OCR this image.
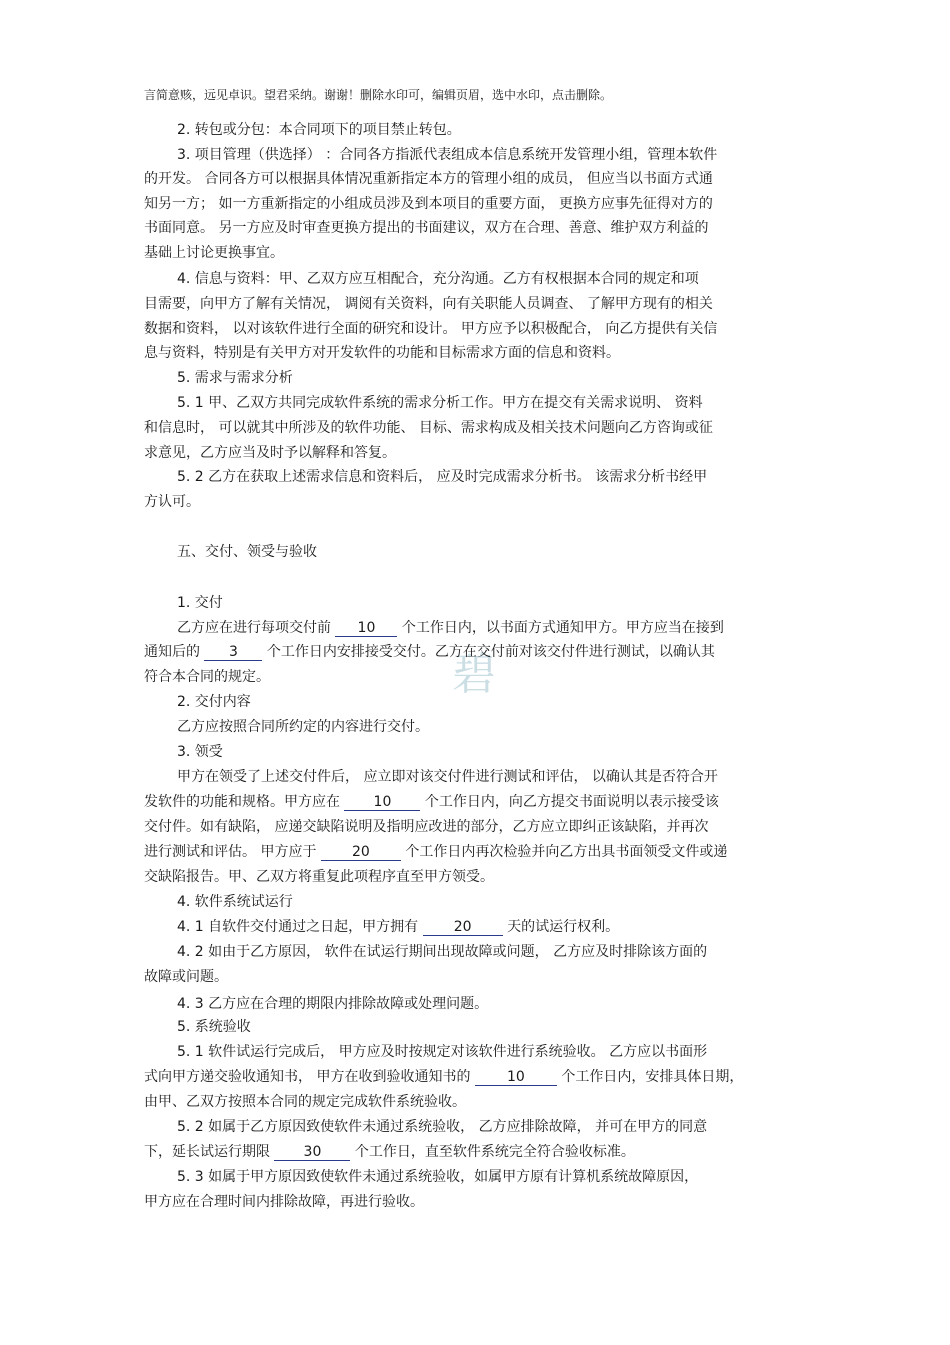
碧
言简意赅，远见卓识。望君采纳。谢谢！删除水印可，编辑页眉，选中水印，点击删除。
2. 转包或分包：本合同项下的项目禁止转包。
3. 项目管理（供选择） ：合同各方指派代表组成本信息系统开发管理小组，管理本软件
的开发。 合同各方可以根据具体情况重新指定本方的管理小组的成员， 但应当以书面方式通
知另一方； 如一方重新指定的小组成员涉及到本项目的重要方面， 更换方应事先征得对方的
书面同意。 另一方应及时审查更换方提出的书面建议，双方在合理、善意、维护双方利益的
基础上讨论更换事宜。
4. 信息与资料：甲、乙双方应互相配合，充分沟通。乙方有权根据本合同的规定和项
目需要，向甲方了解有关情况， 调阅有关资料，向有关职能人员调查、 了解甲方现有的相关
数据和资料， 以对该软件进行全面的研究和设计。 甲方应予以积极配合， 向乙方提供有关信
息与资料，特别是有关甲方对开发软件的功能和目标需求方面的信息和资料。
5. 需求与需求分析
5. 1 甲、乙双方共同完成软件系统的需求分析工作。甲方在提交有关需求说明、 资料
和信息时， 可以就其中所涉及的软件功能、 目标、需求构成及相关技术问题向乙方咨询或征
求意见，乙方应当及时予以解释和答复。
5. 2 乙方在获取上述需求信息和资料后， 应及时完成需求分析书。 该需求分析书经甲
方认可。
五、交付、领受与验收
1. 交付
乙方应在进行每项交付前 10 个工作日内，以书面方式通知甲方。甲方应当在接到
通知后的 3 个工作日内安排接受交付。乙方在交付前对该交付件进行测试，以确认其
符合本合同的规定。
2. 交付内容
乙方应按照合同所约定的内容进行交付。
3. 领受
甲方在领受了上述交付件后， 应立即对该交付件进行测试和评估， 以确认其是否符合开
发软件的功能和规格。甲方应在 10 个工作日内，向乙方提交书面说明以表示接受该
交付件。如有缺陷， 应递交缺陷说明及指明应改进的部分，乙方应立即纠正该缺陷，并再次
进行测试和评估。 甲方应于 20 个工作日内再次检验并向乙方出具书面领受文件或递
交缺陷报告。甲、乙双方将重复此项程序直至甲方领受。
4. 软件系统试运行
4. 1 自软件交付通过之日起，甲方拥有 20 天的试运行权利。
4. 2 如由于乙方原因， 软件在试运行期间出现故障或问题， 乙方应及时排除该方面的
故障或问题。
4. 3 乙方应在合理的期限内排除故障或处理问题。
5. 系统验收
5. 1 软件试运行完成后， 甲方应及时按规定对该软件进行系统验收。 乙方应以书面形
式向甲方递交验收通知书， 甲方在收到验收通知书的 10 个工作日内，安排具体日期，
由甲、乙双方按照本合同的规定完成软件系统验收。
5. 2 如属于乙方原因致使软件未通过系统验收， 乙方应排除故障， 并可在甲方的同意
下，延长试运行期限 30 个工作日，直至软件系统完全符合验收标准。
5. 3 如属于甲方原因致使软件未通过系统验收，如属甲方原有计算机系统故障原因，
甲方应在合理时间内排除故障，再进行验收。
